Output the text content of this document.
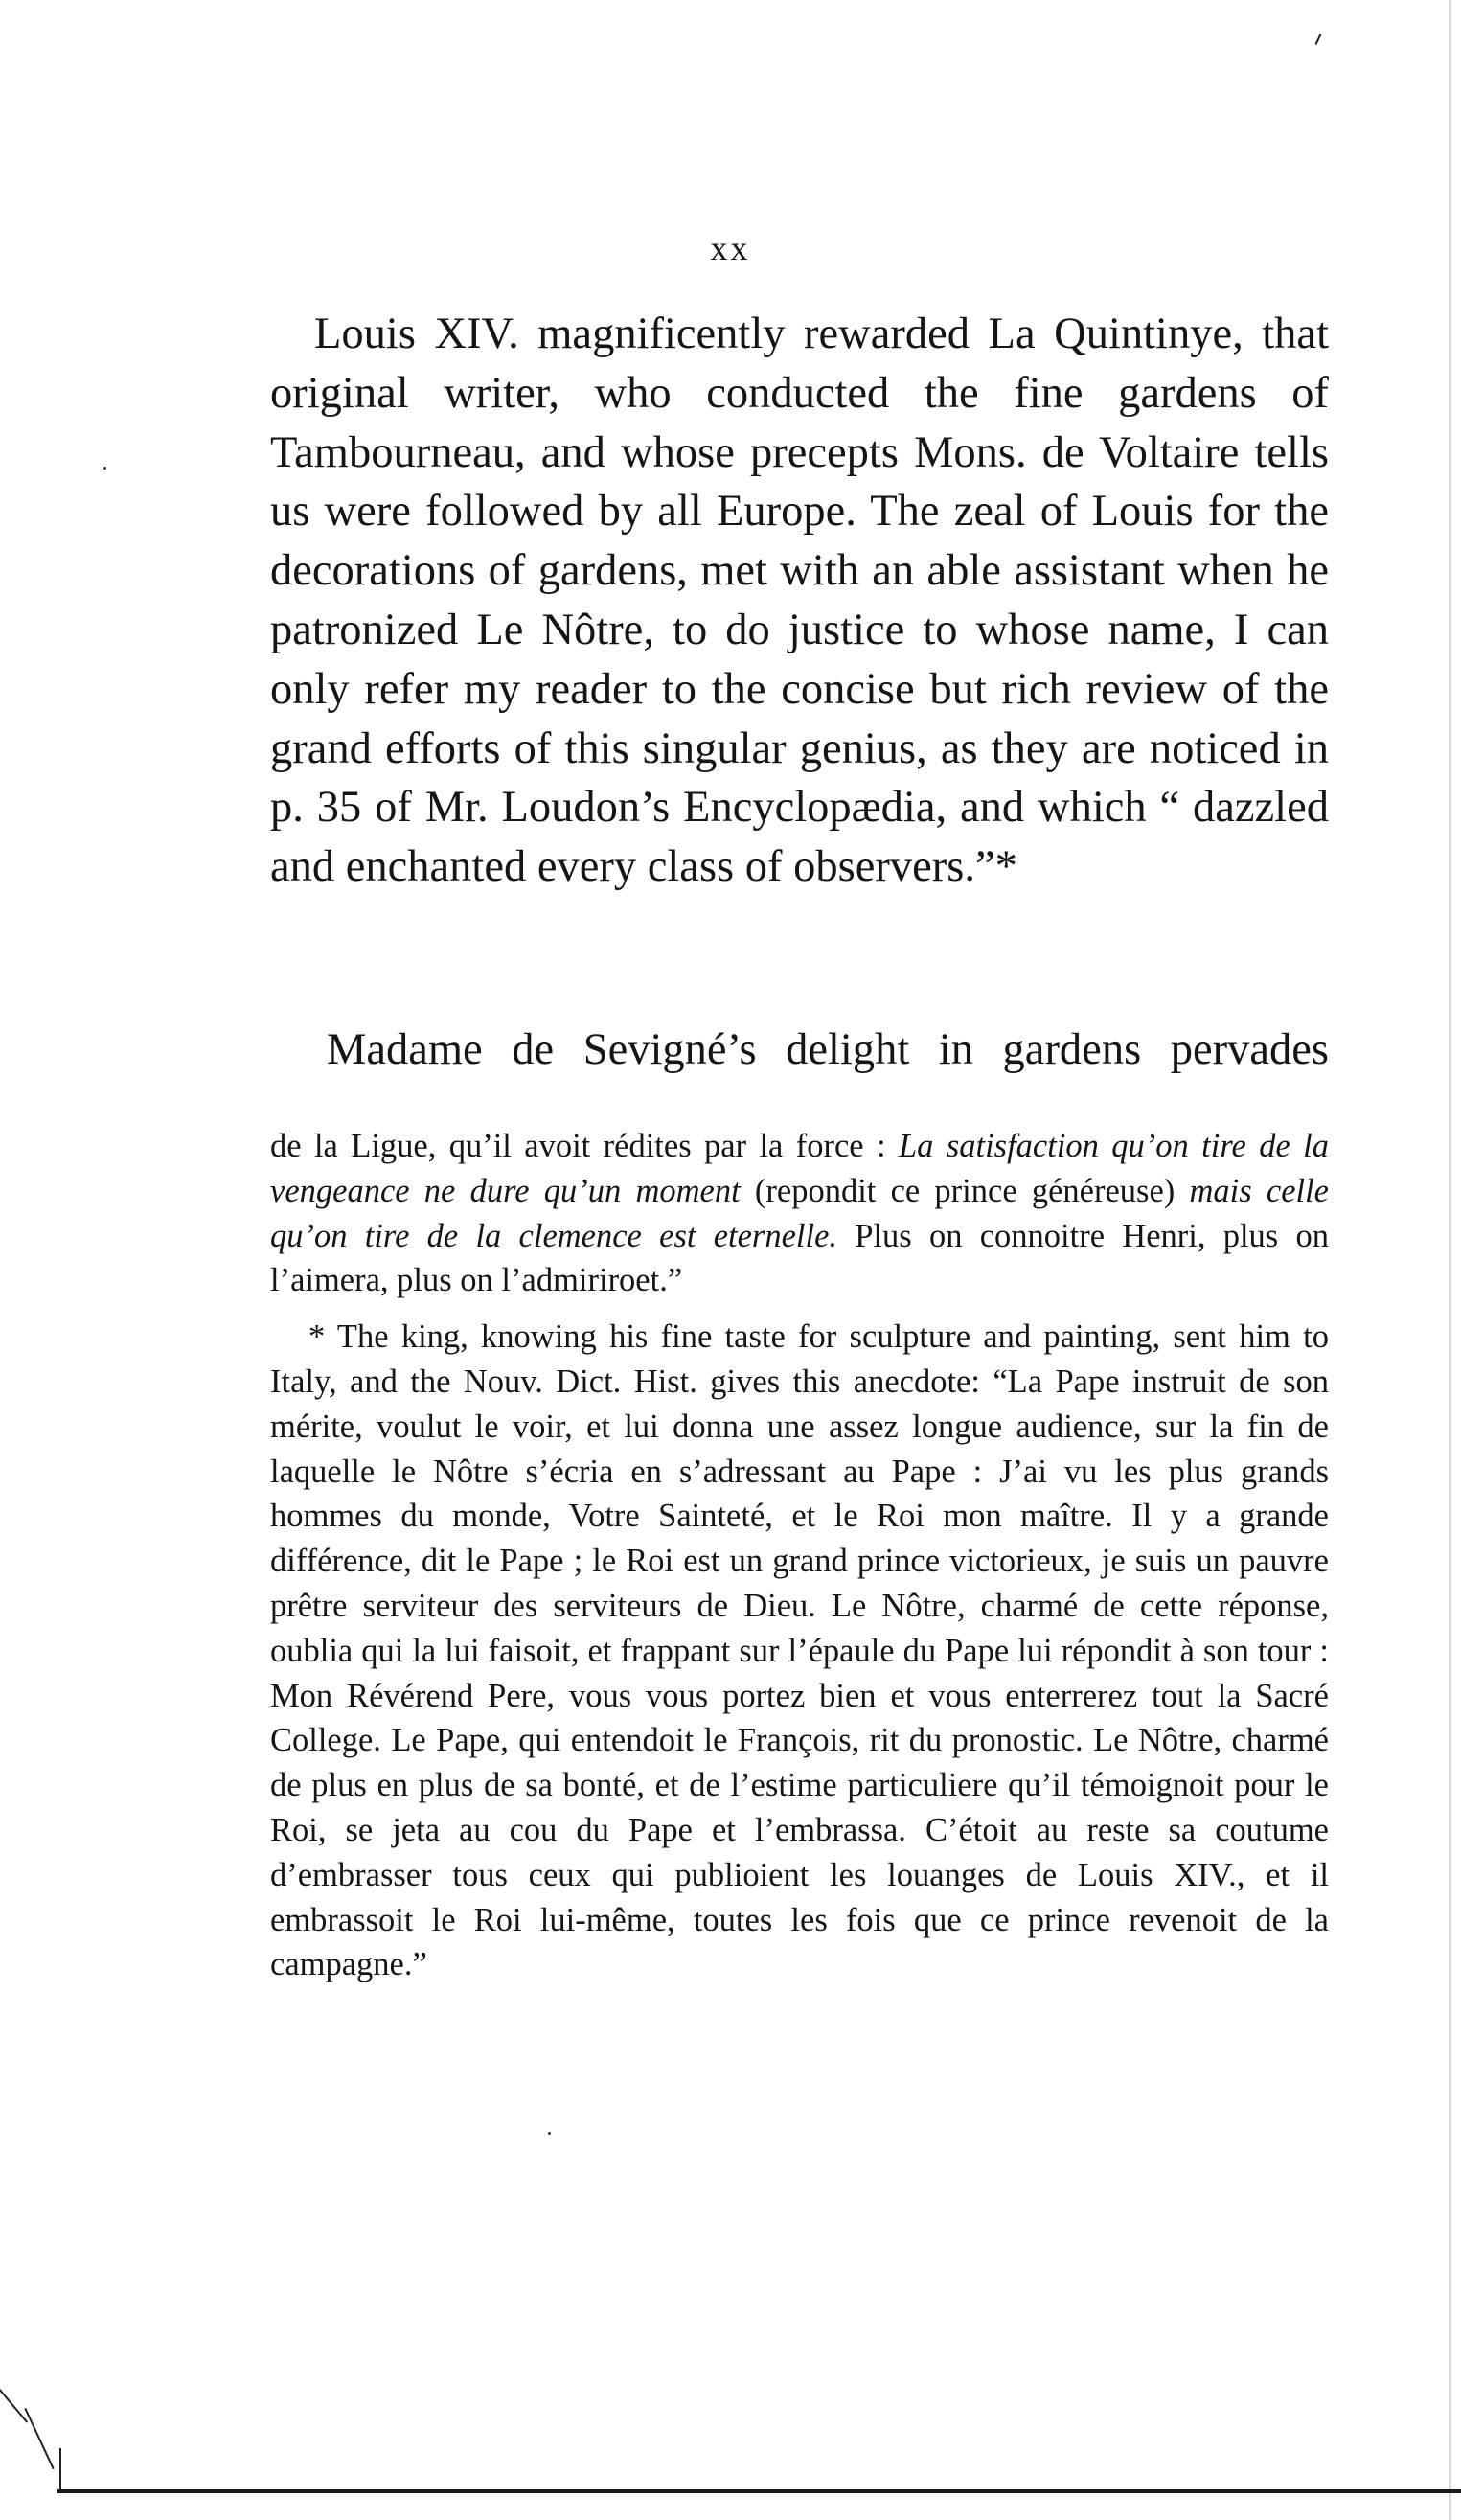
xx

Louis XIV. magnificently rewarded La Quintinye, that original writer, who conducted the fine gardens of Tambourneau, and whose precepts Mons. de Voltaire tells us were followed by all Europe. The zeal of Louis for the decorations of gardens, met with an able assistant when he patronized Le Nôtre, to do justice to whose name, I can only refer my reader to the concise but rich review of the grand efforts of this singular genius, as they are noticed in p. 35 of Mr. Loudon’s Encyclopædia, and which “ dazzled and enchanted every class of observers.”*

Madame de Sevigné’s delight in gardens pervades

de la Ligue, qu’il avoit rédites par la force : La satisfaction qu’on tire de la vengeance ne dure qu’un moment (repondit ce prince généreuse) mais celle qu’on tire de la clemence est eternelle. Plus on connoitre Henri, plus on l’aimera, plus on l’admiriroet.”

* The king, knowing his fine taste for sculpture and painting, sent him to Italy, and the Nouv. Dict. Hist. gives this anecdote: “La Pape instruit de son mérite, voulut le voir, et lui donna une assez longue audience, sur la fin de laquelle le Nôtre s’écria en s’adressant au Pape : J’ai vu les plus grands hommes du monde, Votre Sainteté, et le Roi mon maître. Il y a grande différence, dit le Pape ; le Roi est un grand prince victorieux, je suis un pauvre prêtre serviteur des serviteurs de Dieu. Le Nôtre, charmé de cette réponse, oublia qui la lui faisoit, et frappant sur l’épaule du Pape lui répondit à son tour : Mon Révérend Pere, vous vous portez bien et vous enterrerez tout la Sacré College. Le Pape, qui entendoit le François, rit du pronostic. Le Nôtre, charmé de plus en plus de sa bonté, et de l’estime particuliere qu’il témoignoit pour le Roi, se jeta au cou du Pape et l’embrassa. C’étoit au reste sa coutume d’embrasser tous ceux qui publioient les louanges de Louis XIV., et il embrassoit le Roi lui-même, toutes les fois que ce prince revenoit de la campagne.”
